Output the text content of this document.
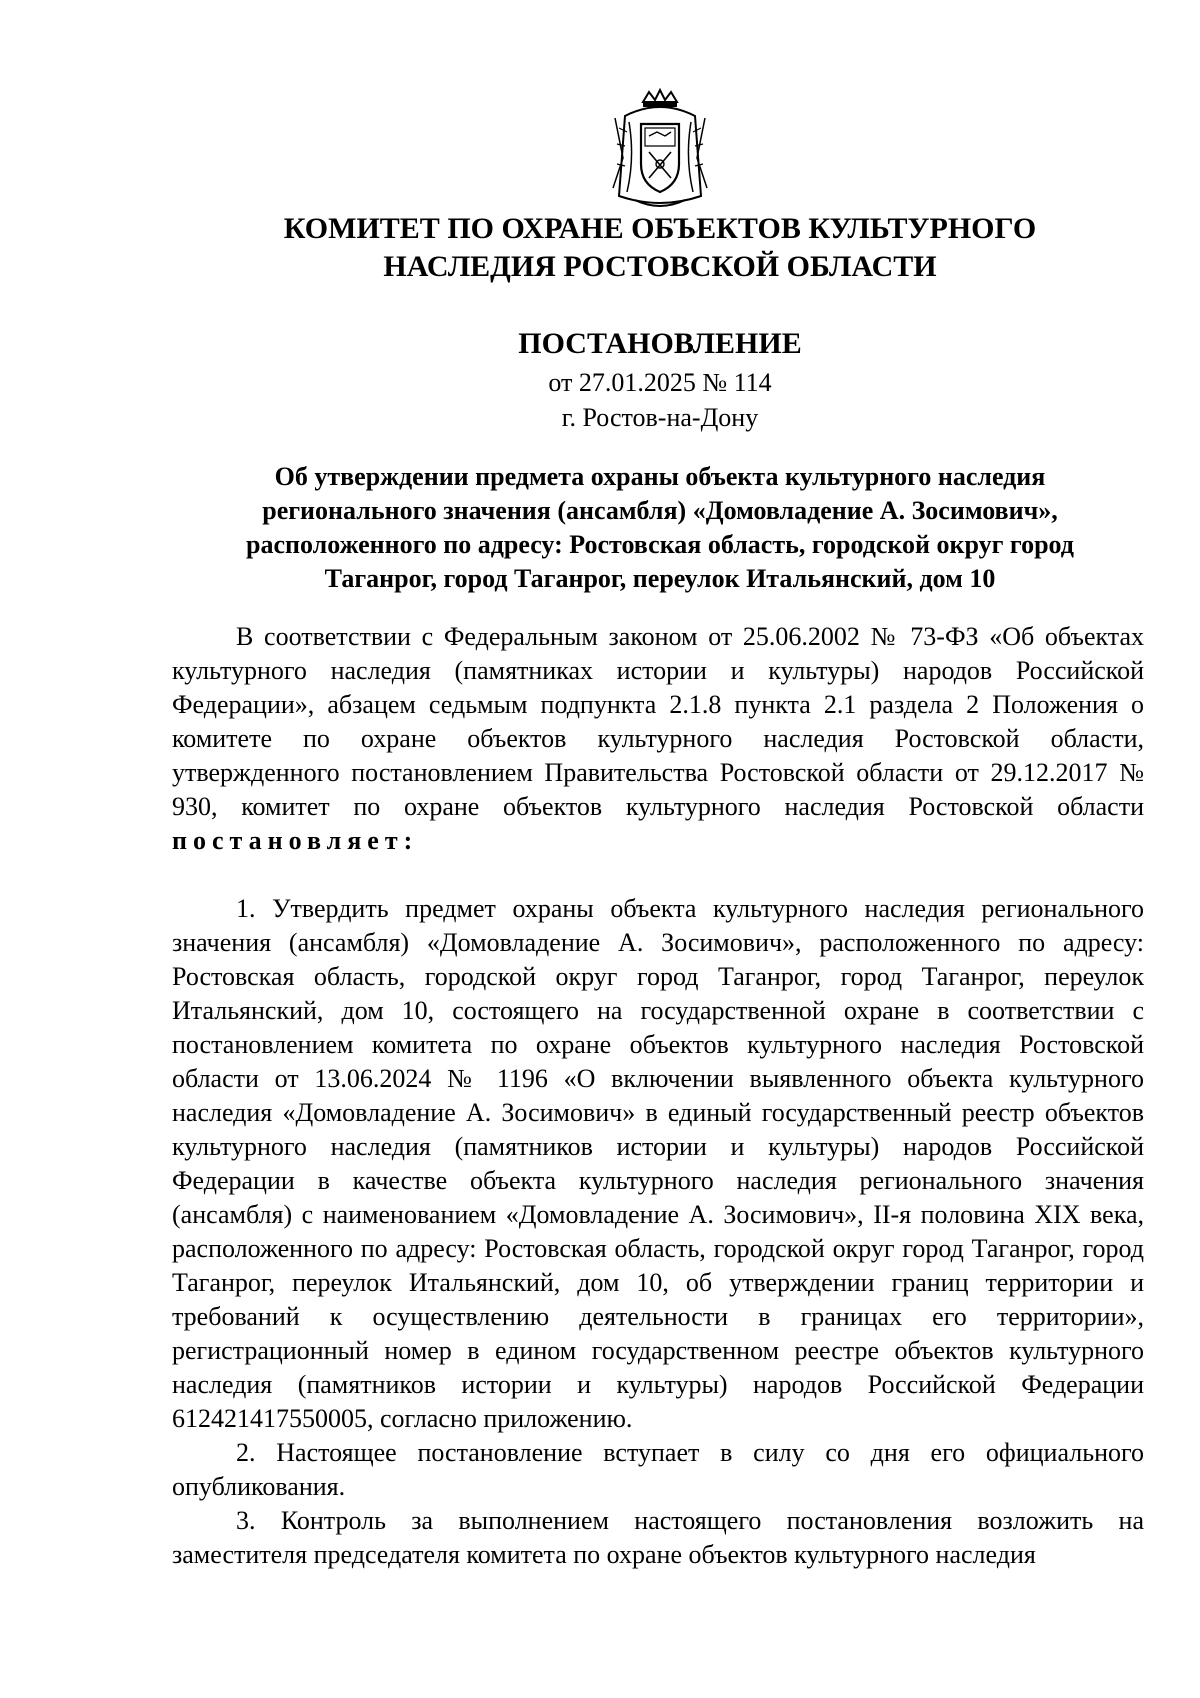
КОМИТЕТ ПО ОХРАНЕ ОБЪЕКТОВ КУЛЬТУРНОГО
НАСЛЕДИЯ РОСТОВСКОЙ ОБЛАСТИ
ПОСТАНОВЛЕНИЕ
от 27.01.2025 № 114
г. Ростов-на-Дону
Об утверждении предмета охраны объекта культурного наследия
регионального значения (ансамбля) «Домовладение А. Зосимович»,
расположенного по адресу: Ростовская область, городской округ город
Таганрог, город Таганрог, переулок Итальянский, дом 10

В соответствии с Федеральным законом от 25.06.2002 № 73-ФЗ «Об объектах культурного наследия (памятниках истории и культуры) народов Российской Федерации», абзацем седьмым подпункта 2.1.8 пункта 2.1 раздела 2 Положения о комитете по охране объектов культурного наследия Ростовской области, утвержденного постановлением Правительства Ростовской области от 29.12.2017 № 930, комитет по охране объектов культурного наследия Ростовской области постановляет:

1. Утвердить предмет охраны объекта культурного наследия регионального значения (ансамбля) «Домовладение А. Зосимович», расположенного по адресу: Ростовская область, городской округ город Таганрог, город Таганрог, переулок Итальянский, дом 10, состоящего на государственной охране в соответствии с постановлением комитета по охране объектов культурного наследия Ростовской области от 13.06.2024 № 1196 «О включении выявленного объекта культурного наследия «Домовладение А. Зосимович» в единый государственный реестр объектов культурного наследия (памятников истории и культуры) народов Российской Федерации в качестве объекта культурного наследия регионального значения (ансамбля) с наименованием «Домовладение А. Зосимович», II-я половина XIX века, расположенного по адресу: Ростовская область, городской округ город Таганрог, город Таганрог, переулок Итальянский, дом 10, об утверждении границ территории и требований к осуществлению деятельности в границах его территории», регистрационный номер в едином государственном реестре объектов культурного наследия (памятников истории и культуры) народов Российской Федерации 612421417550005, согласно приложению.

2. Настоящее постановление вступает в силу со дня его официального опубликования.

3. Контроль за выполнением настоящего постановления возложить на заместителя председателя комитета по охране объектов культурного наследия
